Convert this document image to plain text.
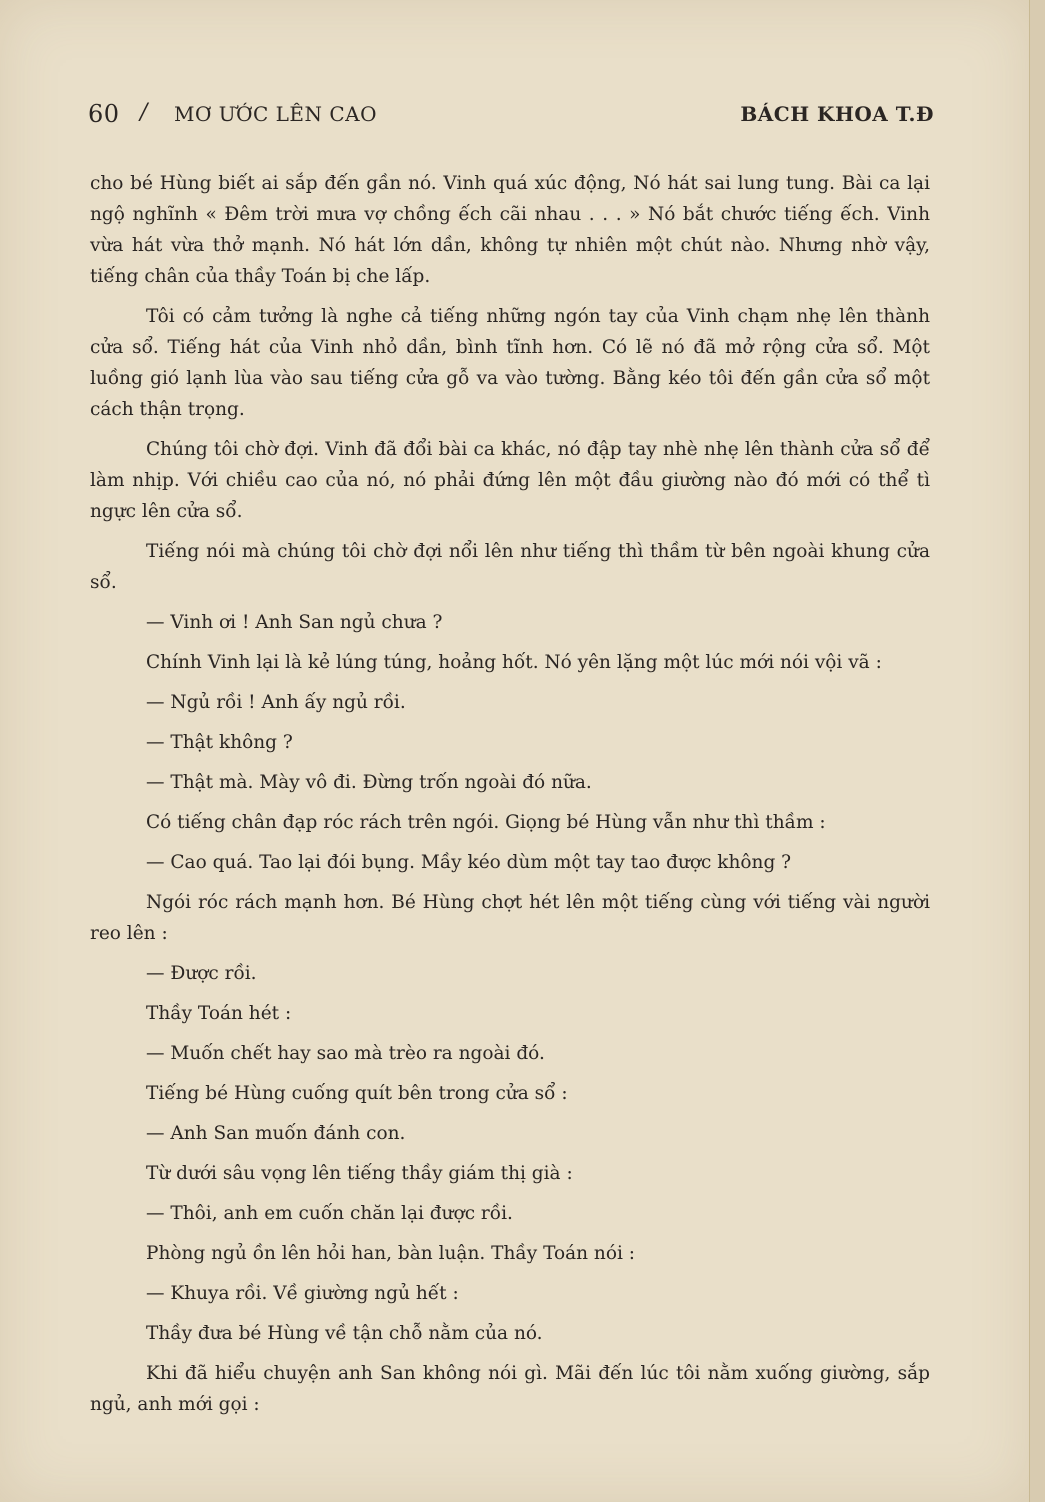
60 / MƠ ƯỚC LÊN CAO	BÁCH KHOA T.Đ

cho bé Hùng biết ai sắp đến gần nó. Vinh quá xúc động, Nó hát sai lung tung. Bài ca lại ngộ nghĩnh « Đêm trời mưa vợ chồng ếch cãi nhau . . . » Nó bắt chước tiếng ếch. Vinh vừa hát vừa thở mạnh. Nó hát lớn dần, không tự nhiên một chút nào. Nhưng nhờ vậy, tiếng chân của thầy Toán bị che lấp.

Tôi có cảm tưởng là nghe cả tiếng những ngón tay của Vinh chạm nhẹ lên thành cửa sổ. Tiếng hát của Vinh nhỏ dần, bình tĩnh hơn. Có lẽ nó đã mở rộng cửa sổ. Một luồng gió lạnh lùa vào sau tiếng cửa gỗ va vào tường. Bằng kéo tôi đến gần cửa sổ một cách thận trọng.

Chúng tôi chờ đợi. Vinh đã đổi bài ca khác, nó đập tay nhè nhẹ lên thành cửa sổ để làm nhịp. Với chiều cao của nó, nó phải đứng lên một đầu giường nào đó mới có thể tì ngực lên cửa sổ.

Tiếng nói mà chúng tôi chờ đợi nổi lên như tiếng thì thầm từ bên ngoài khung cửa sổ.

— Vinh ơi ! Anh San ngủ chưa ?

Chính Vinh lại là kẻ lúng túng, hoảng hốt. Nó yên lặng một lúc mới nói vội vã :

— Ngủ rồi ! Anh ấy ngủ rồi.

— Thật không ?

— Thật mà. Mày vô đi. Đừng trốn ngoài đó nữa.

Có tiếng chân đạp róc rách trên ngói. Giọng bé Hùng vẫn như thì thầm :

— Cao quá. Tao lại đói bụng. Mầy kéo dùm một tay tao được không ?

Ngói róc rách mạnh hơn. Bé Hùng chợt hét lên một tiếng cùng với tiếng vài người reo lên :

— Được rồi.

Thầy Toán hét :

— Muốn chết hay sao mà trèo ra ngoài đó.

Tiếng bé Hùng cuống quít bên trong cửa sổ :

— Anh San muốn đánh con.

Từ dưới sâu vọng lên tiếng thầy giám thị già :

— Thôi, anh em cuốn chăn lại được rồi.

Phòng ngủ ồn lên hỏi han, bàn luận. Thầy Toán nói :

— Khuya rồi. Về giường ngủ hết :

Thầy đưa bé Hùng về tận chỗ nằm của nó.

Khi đã hiểu chuyện anh San không nói gì. Mãi đến lúc tôi nằm xuống giường, sắp ngủ, anh mới gọi :
